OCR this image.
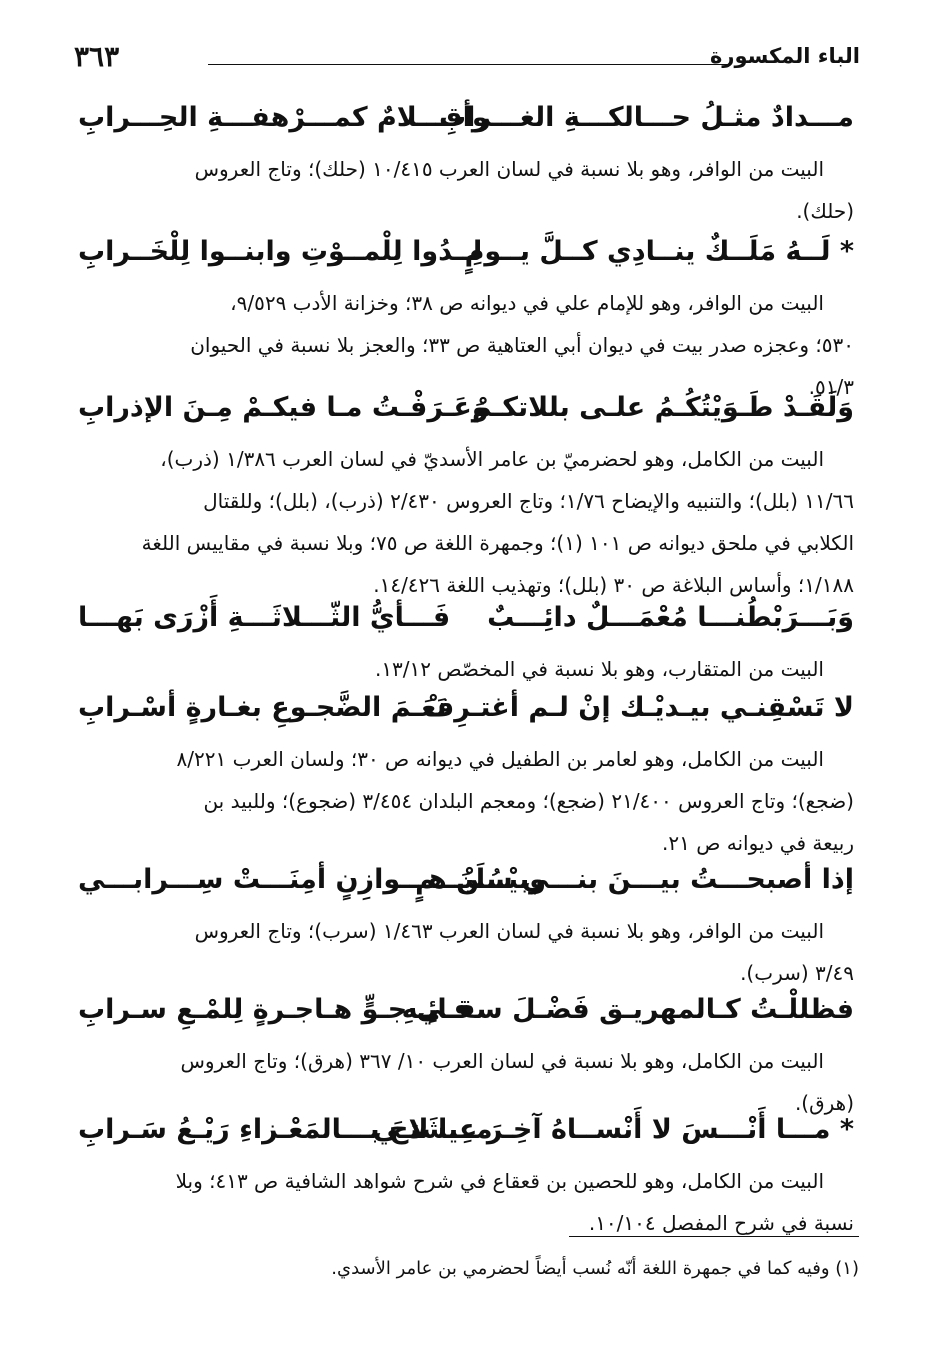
٣٦٣	الباء المكسورة
مـــدادٌ مثـلُ حـــالكـــةِ الغـــرابِ
وأقـــلامٌ كمـــرْهفـــةِ الحِـــرابِ

البيت من الوافر، وهو بلا نسبة في لسان العرب ١٠/٤١٥ (حلك)؛ وتاج العروس

(حلك).

* لَــهُ مَلَــكٌ ينــادِي كــلَّ يــومٍ
لِــدُوا لِلْمــوْتِ وابنــوا لِلْخَــرابِ

البيت من الوافر، وهو للإمام علي في ديوانه ص ٣٨؛ وخزانة الأدب ٩/٥٢٩،

٥٣٠؛ وعجزه صدر بيت في ديوان أبي العتاهية ص ٣٣؛ والعجز بلا نسبة في الحيوان

٥١/٣.

وَلَقَـدْ طَـوَيْتُكُـمُ علـى بللاتكـمْ
وَعَـرَفْـتُ مـا فيكـمْ مِـنَ الإذرابِ

البيت من الكامل، وهو لحضرميّ بن عامر الأسديّ في لسان العرب ١/٣٨٦ (ذرب)،

١١/٦٦ (بلل)؛ والتنبيه والإيضاح ١/٧٦؛ وتاج العروس ٢/٤٣٠ (ذرب)، (بلل)؛ وللقتال

الكلابي في ملحق ديوانه ص ١٠١ (١)؛ وجمهرة اللغة ص ٧٥؛ وبلا نسبة في مقاييس اللغة

١/١٨٨؛ وأساس البلاغة ص ٣٠ (بلل)؛ وتهذيب اللغة ١٤/٤٢٦.

وَبَـــرَبْطُنـــا مُعْمَـــلٌ دائِـــبٌ
فَـــأيُّ الثّـــلاثَـــةِ أَزْرَى بَهـــا

البيت من المتقارب، وهو بلا نسبة في المخصّص ١٣/١٢.

لا تَسْقِنـي بيـديْـك إنْ لـم أغتـرِفْ
نَعَـمَ الضَّجـوعِ بغـارةٍ أسْـرابِ

البيت من الكامل، وهو لعامر بن الطفيل في ديوانه ص ٣٠؛ ولسان العرب ٨/٢٢١

(ضجع)؛ وتاج العروس ٢١/٤٠٠ (ضجع)؛ ومعجم البلدان ٣/٤٥٤ (ضجوع)؛ وللبيد بن

ربيعة في ديوانه ص ٢١.

إذا أصبحـــتُ بيـــنَ بنـــي سُلَيْـــمٍ
وبيْـــنَ هـــوازِنٍ أمِنَـــتْ سِـــرابـــي

البيت من الوافر، وهو بلا نسبة في لسان العرب ١/٤٦٣ (سرب)؛ وتاج العروس

٣/٤٩ (سرب).

فظللْـتُ كـالمهريـق فَضْـلَ سقـائِـهِ
فـي جـوٍّ هـاجـرةٍ لِلمْـعِ سـرابِ

البيت من الكامل، وهو بلا نسبة في لسان العرب ١٠/ ٣٦٧ (هرق)؛ وتاج العروس

(هرق).

* مـــا أَنْـــسَ لا أَنْســاهُ آخِـرَ عِيشَتـي
مـــا لاحَ بـــالمَعْـزاءِ رَيْـعُ سَـرابِ

البيت من الكامل، وهو للحصين بن قعقاع في شرح شواهد الشافية ص ٤١٣؛ وبلا

نسبة في شرح المفصل ١٠/١٠٤.

(١) وفيه كما في جمهرة اللغة أنّه نُسب أيضاً لحضرمي بن عامر الأسدي.
